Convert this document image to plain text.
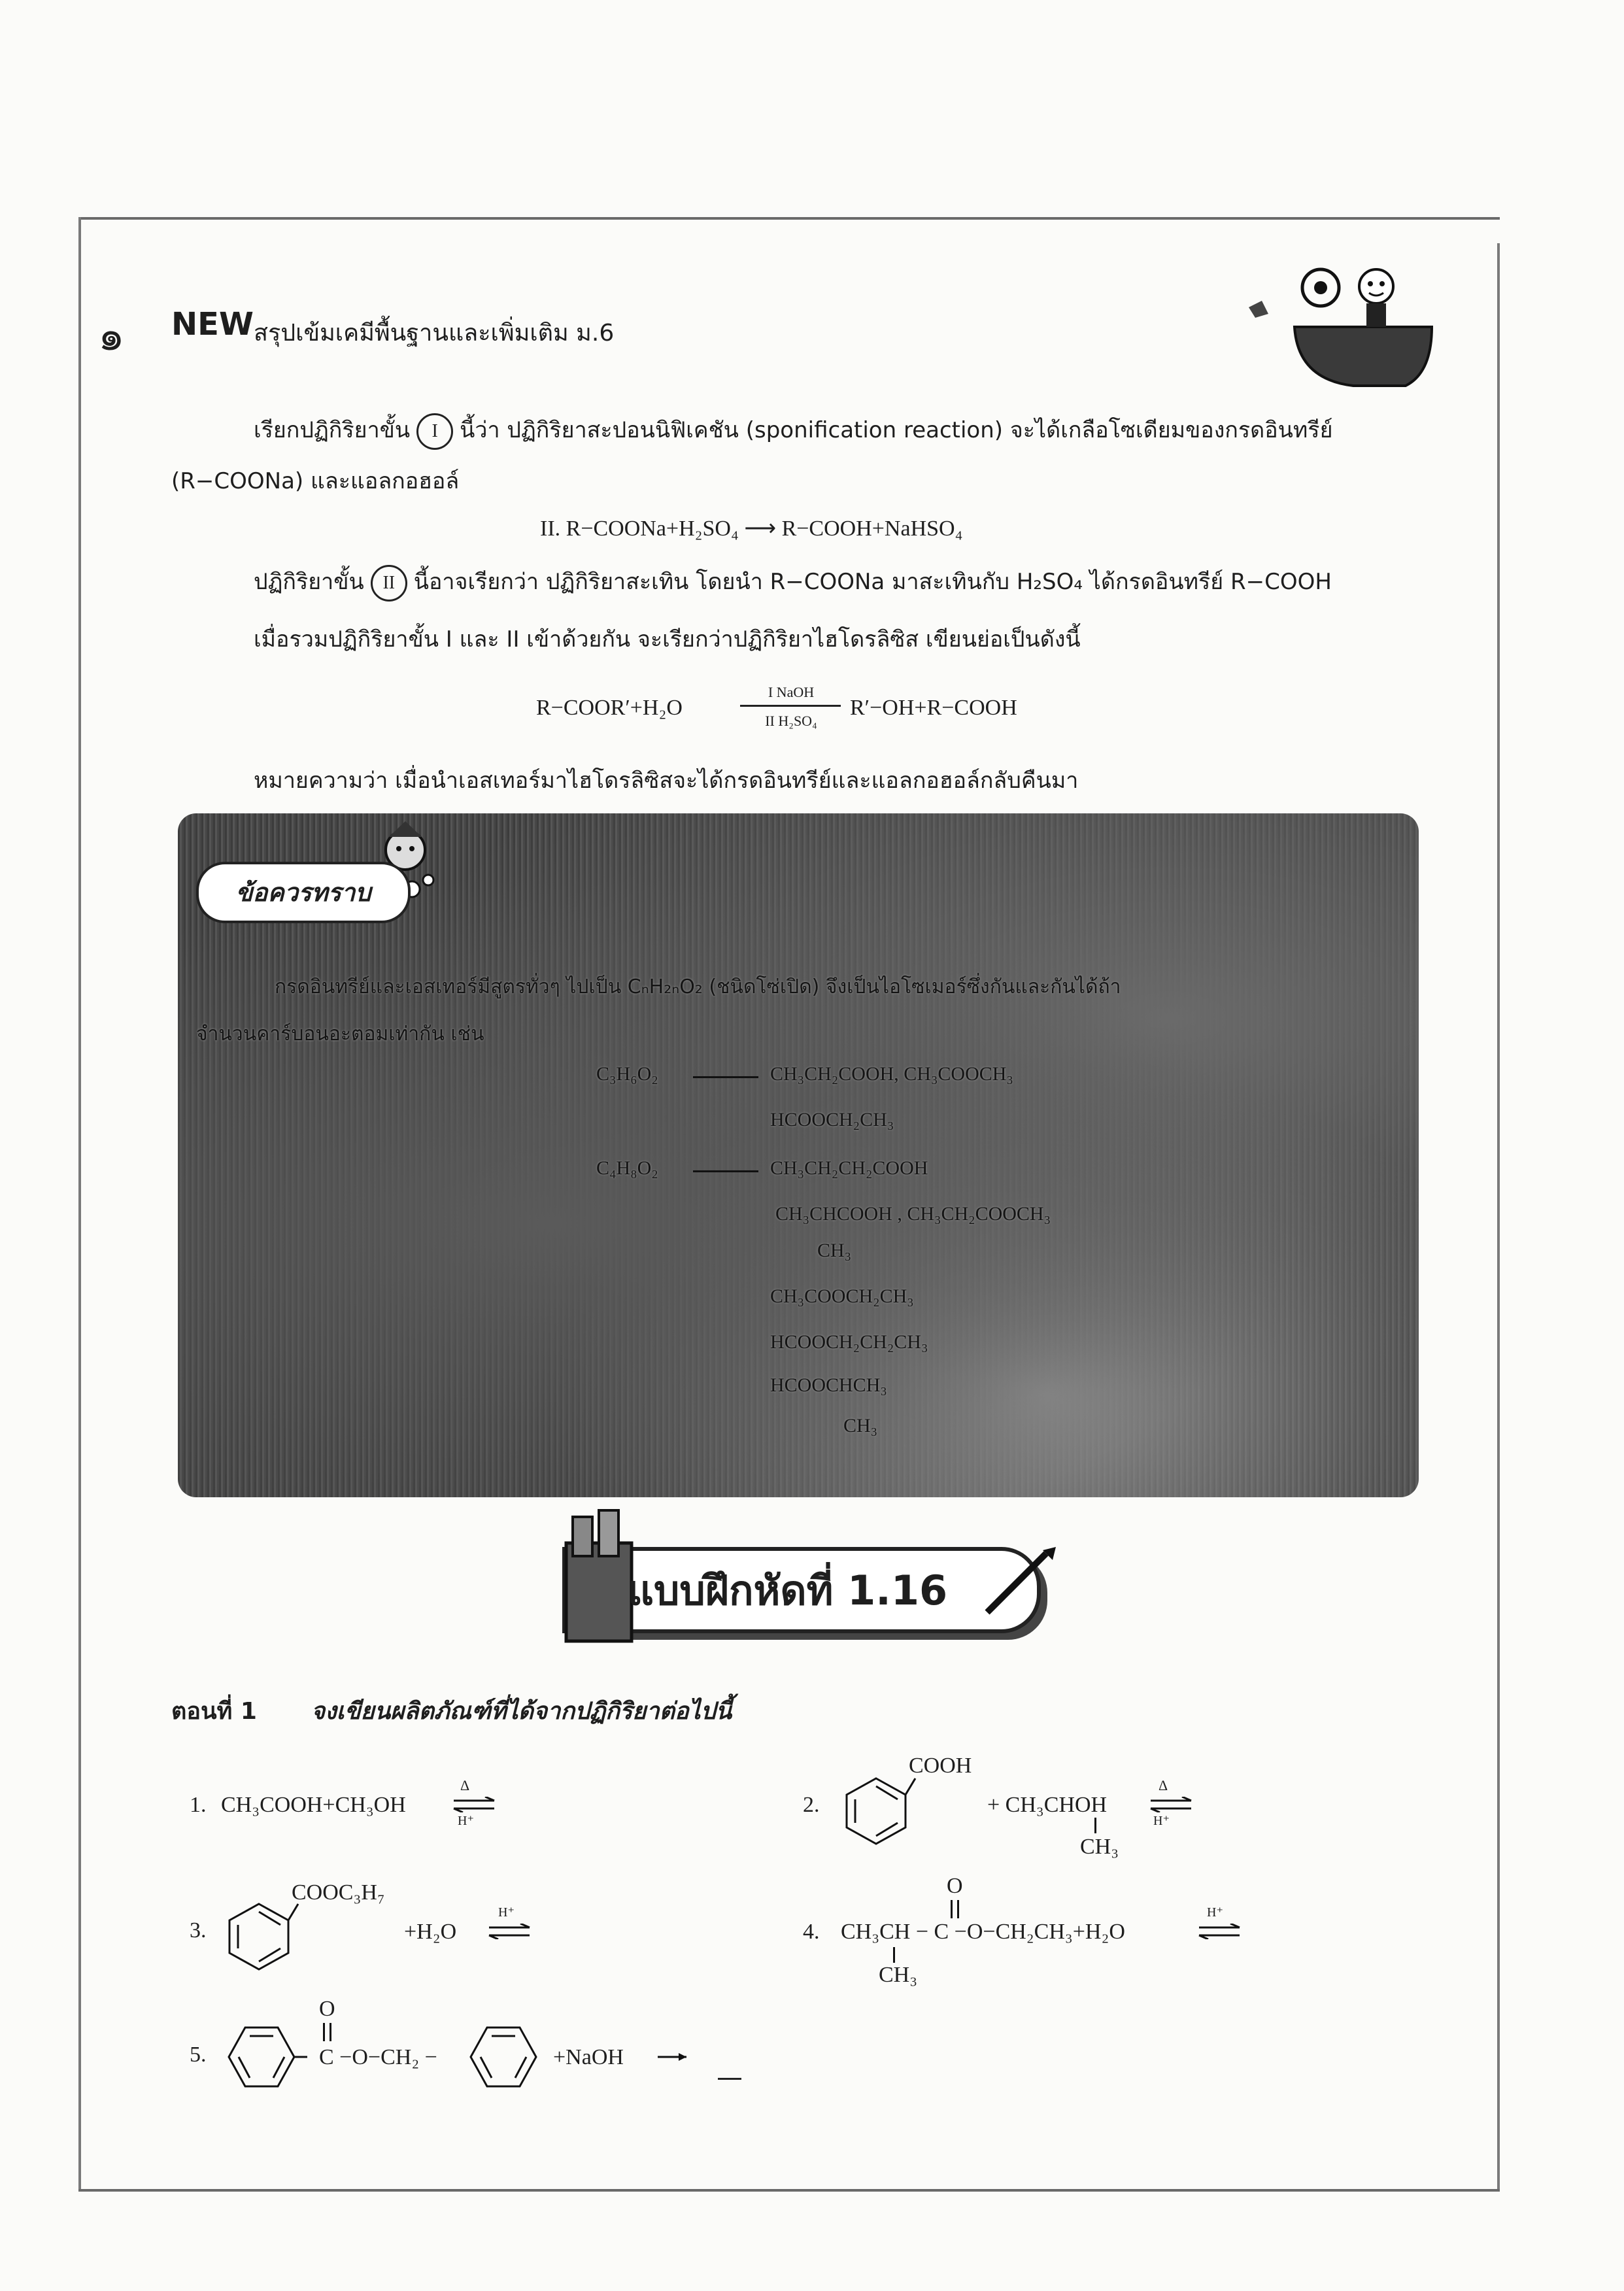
๑ NEW สรุปเข้มเคมีพื้นฐานและเพิ่มเติม ม.6
เรียกปฏิกิริยาขั้น I นี้ว่า ปฏิกิริยาสะปอนนิฟิเคชัน (sponification reaction) จะได้เกลือโซเดียมของกรดอินทรีย์
(R−COONa) และแอลกอฮอล์
II. R−COONa+H₂SO₄ ⟶ R−COOH+NaHSO₄
ปฏิกิริยาขั้น II นี้อาจเรียกว่า ปฏิกิริยาสะเทิน โดยนำ R−COONa มาสะเทินกับ H₂SO₄ ได้กรดอินทรีย์ R−COOH
เมื่อรวมปฏิกิริยาขั้น I และ II เข้าด้วยกัน จะเรียกว่าปฏิกิริยาไฮโดรลิซิส เขียนย่อเป็นดังนี้
R−COOR′+H₂O
I NaOH
II H₂SO₄
R′−OH+R−COOH
หมายความว่า เมื่อนำเอสเทอร์มาไฮโดรลิซิสจะได้กรดอินทรีย์และแอลกอฮอล์กลับคืนมา
ข้อควรทราบ
กรดอินทรีย์และเอสเทอร์มีสูตรทั่วๆ ไปเป็น CₙH₂ₙO₂ (ชนิดโซ่เปิด) จึงเป็นไอโซเมอร์ซึ่งกันและกันได้ถ้า
จำนวนคาร์บอนอะตอมเท่ากัน เช่น
C₃H₆O₂	CH₃CH₂COOH, CH₃COOCH₃
HCOOCH₂CH₃
C₄H₈O₂	CH₃CH₂CH₂COOH
CH₃CHCOOH , CH₃CH₂COOCH₃
CH₃
CH₃COOCH₂CH₃
HCOOCH₂CH₂CH₃
HCOOCHCH₃
CH₃
แบบฝึกหัดที่ 1.16
ตอนที่ 1 จงเขียนผลิตภัณฑ์ที่ได้จากปฏิกิริยาต่อไปนี้
1. CH₃COOH+CH₃OH
Δ
H⁺
2.
COOH
+ CH₃CHOH
CH₃
Δ
H⁺
3.
COOC₃H₇
+H₂O
H⁺
4. CH₃CH − C −O−CH₂CH₃+H₂O
O
CH₃
H⁺
5.
O
C −O−CH₂ −	+NaOH
